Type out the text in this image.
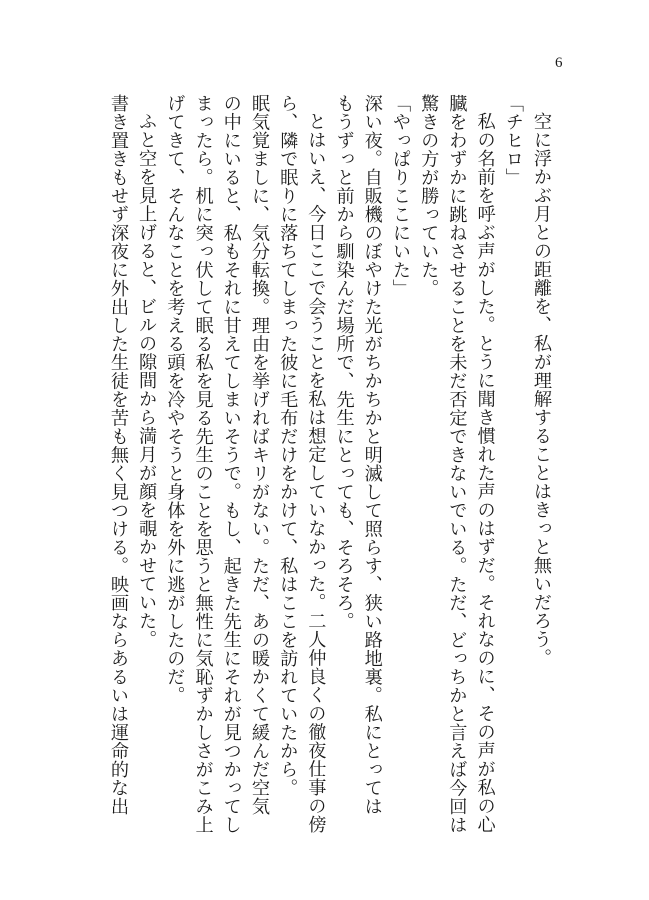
6

空に浮かぶ月との距離を、私が理解することはきっと無いだろう。

「チヒロ」

私の名前を呼ぶ声がした。とうに聞き慣れた声のはずだ。それなのに、その声が私の心

臓をわずかに跳ねさせることを未だ否定できないでいる。ただ、どっちかと言えば今回は

驚きの方が勝っていた。

「やっぱりここにいた」

深い夜。自販機のぼやけた光がちかちかと明滅して照らす、狭い路地裏。私にとっては

もうずっと前から馴染んだ場所で、先生にとっても、そろそろ。

とはいえ、今日ここで会うことを私は想定していなかった。二人仲良くの徹夜仕事の傍

ら、隣で眠りに落ちてしまった彼に毛布だけをかけて、私はここを訪れていたから。

眠気覚ましに、気分転換。理由を挙げればキリがない。ただ、あの暖かくて緩んだ空気

の中にいると、私もそれに甘えてしまいそうで。もし、起きた先生にそれが見つかってし

まったら。机に突っ伏して眠る私を見る先生のことを思うと無性に気恥ずかしさがこみ上

げてきて、そんなことを考える頭を冷やそうと身体を外に逃がしたのだ。

ふと空を見上げると、ビルの隙間から満月が顔を覗かせていた。

書き置きもせず深夜に外出した生徒を苦も無く見つける。映画ならあるいは運命的な出
